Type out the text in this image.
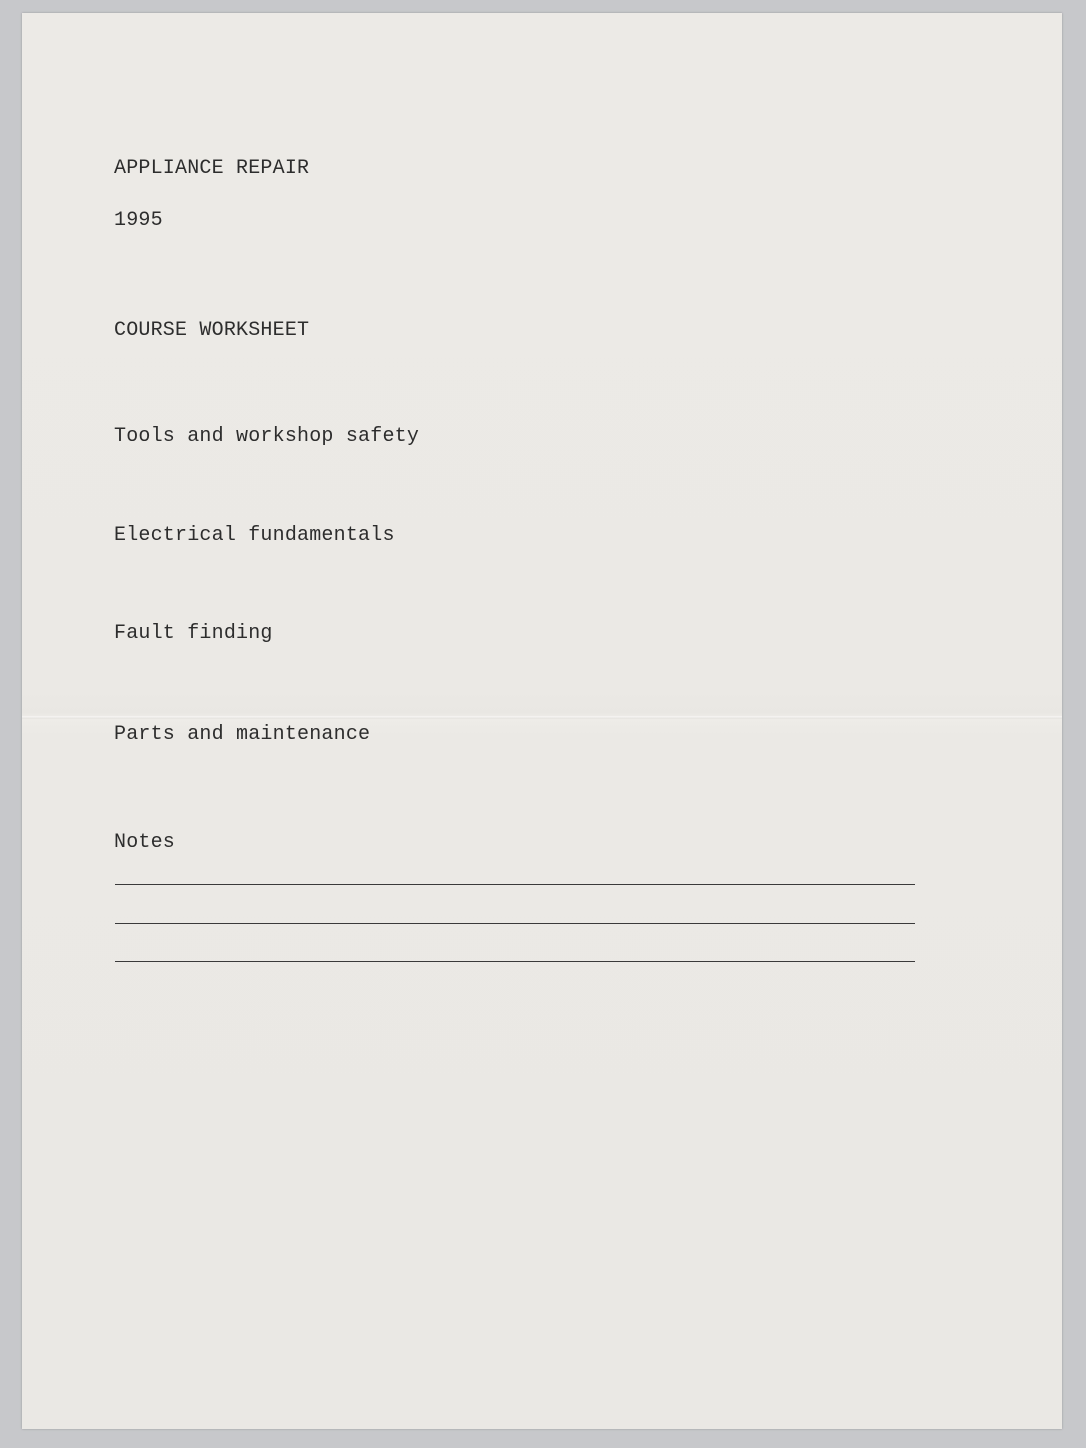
APPLIANCE REPAIR

1995

COURSE WORKSHEET

Tools and workshop safety

Electrical fundamentals

Fault finding

Parts and maintenance

Notes
